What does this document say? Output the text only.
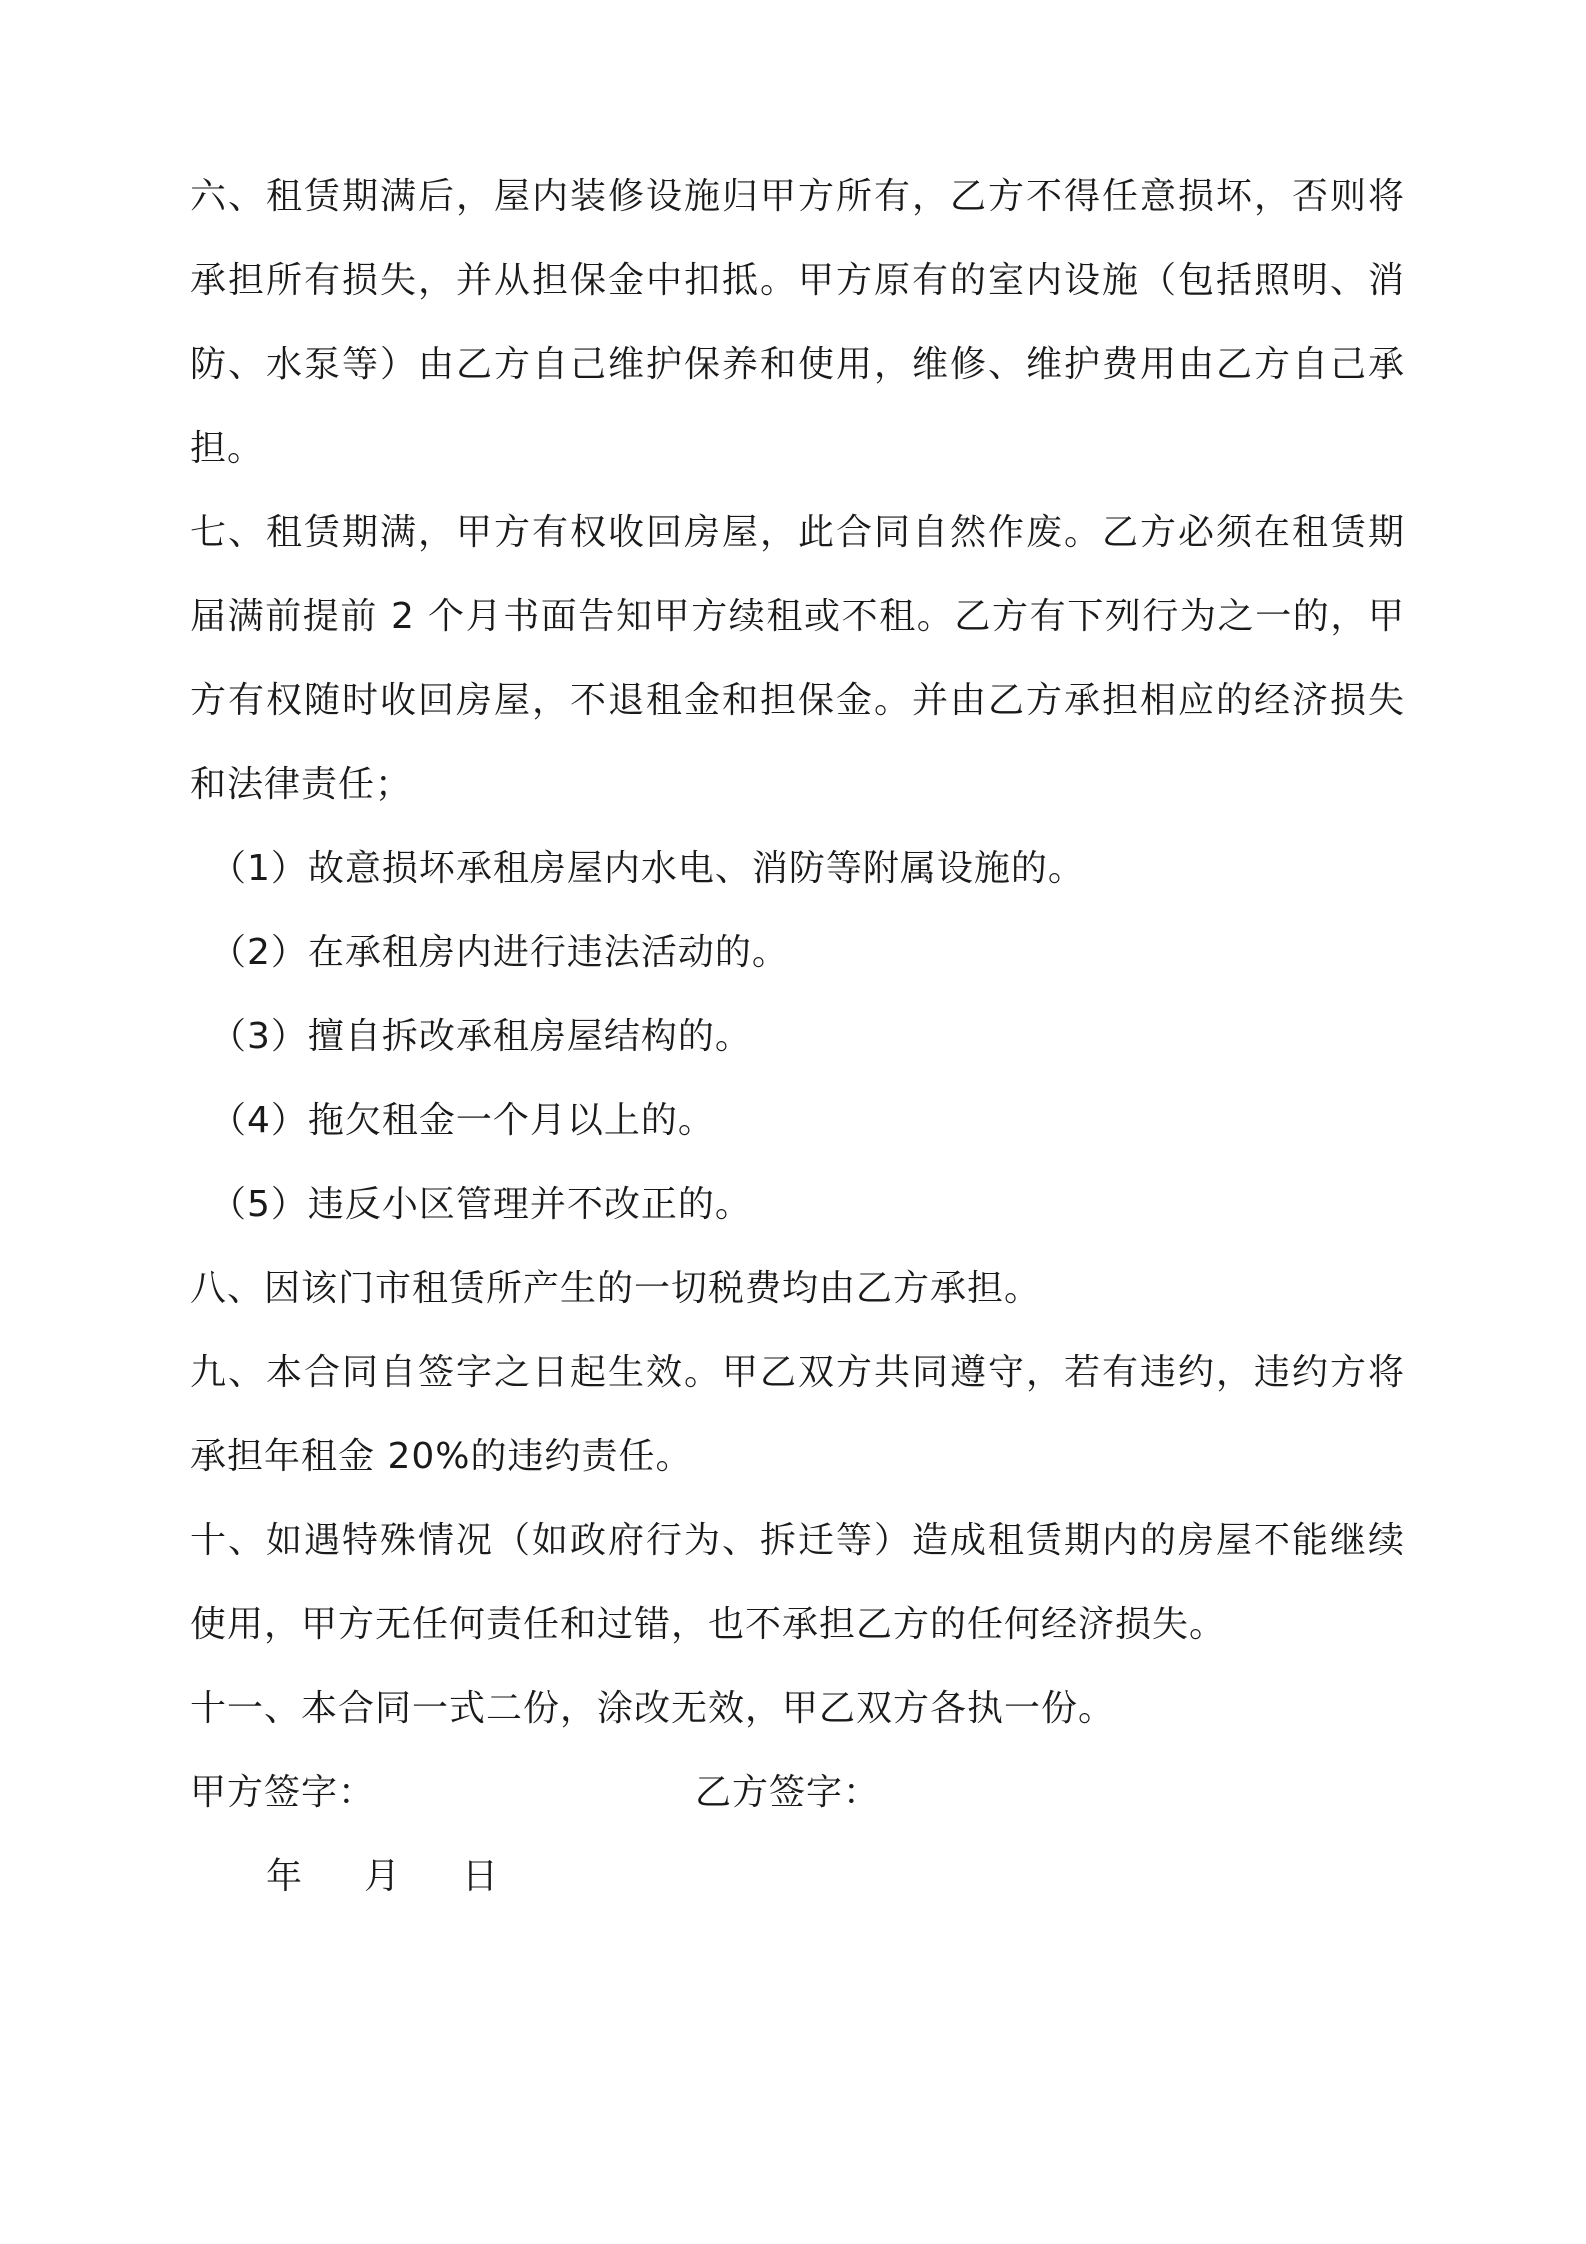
六、租赁期满后，屋内装修设施归甲方所有，乙方不得任意损坏，否则将承担所有损失，并从担保金中扣抵。甲方原有的室内设施（包括照明、消防、水泵等）由乙方自己维护保养和使用，维修、维护费用由乙方自己承担。

七、租赁期满，甲方有权收回房屋，此合同自然作废。乙方必须在租赁期届满前提前 2 个月书面告知甲方续租或不租。乙方有下列行为之一的，甲方有权随时收回房屋，不退租金和担保金。并由乙方承担相应的经济损失和法律责任；

（1）故意损坏承租房屋内水电、消防等附属设施的。

（2）在承租房内进行违法活动的。

（3）擅自拆改承租房屋结构的。

（4）拖欠租金一个月以上的。

（5）违反小区管理并不改正的。

八、因该门市租赁所产生的一切税费均由乙方承担。

九、本合同自签字之日起生效。甲乙双方共同遵守，若有违约，违约方将承担年租金 20%的违约责任。

十、如遇特殊情况（如政府行为、拆迁等）造成租赁期内的房屋不能继续使用，甲方无任何责任和过错，也不承担乙方的任何经济损失。

十一、本合同一式二份，涂改无效，甲乙双方各执一份。

甲方签字：	乙方签字：
年	月	日
